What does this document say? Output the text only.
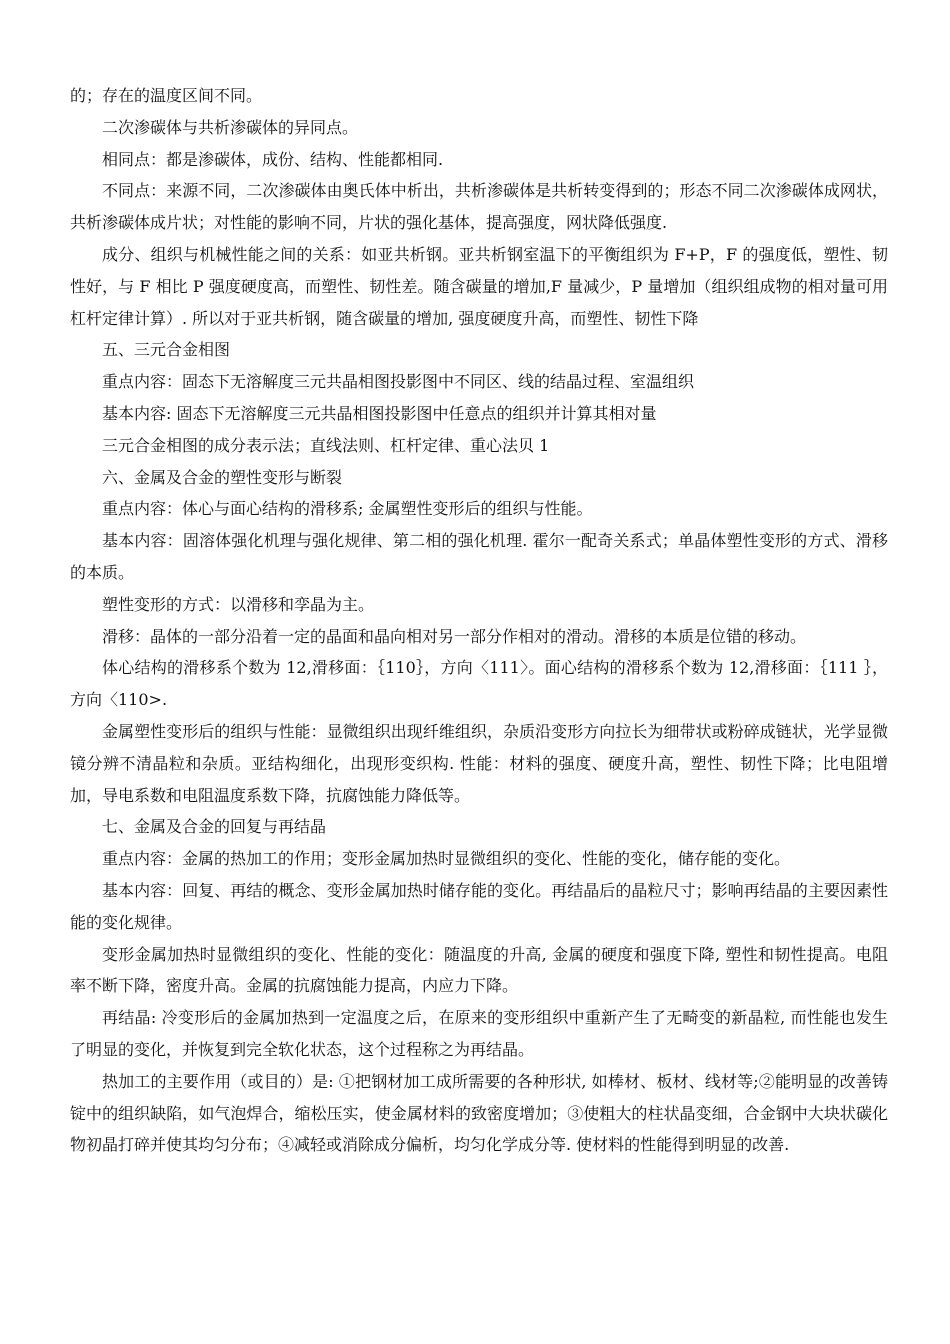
的；存在的温度区间不同。

二次渗碳体与共析渗碳体的异同点。

相同点：都是渗碳体，成份、结构、性能都相同.

不同点：来源不同，二次渗碳体由奥氏体中析出，共析渗碳体是共析转变得到的；形态不同二次渗碳体成网状，共析渗碳体成片状；对性能的影响不同，片状的强化基体，提高强度，网状降低强度.

成分、组织与机械性能之间的关系：如亚共析钢。亚共析钢室温下的平衡组织为 F+P，F 的强度低，塑性、韧性好，与 F 相比 P 强度硬度高，而塑性、韧性差。随含碳量的增加,F 量减少，P 量增加（组织组成物的相对量可用杠杆定律计算）. 所以对于亚共析钢，随含碳量的增加, 强度硬度升高，而塑性、韧性下降

五、三元合金相图

重点内容：固态下无溶解度三元共晶相图投影图中不同区、线的结晶过程、室温组织

基本内容: 固态下无溶解度三元共晶相图投影图中任意点的组织并计算其相对量

三元合金相图的成分表示法；直线法则、杠杆定律、重心法贝 1

六、金属及合金的塑性变形与断裂

重点内容：体心与面心结构的滑移系; 金属塑性变形后的组织与性能。

基本内容：固溶体强化机理与强化规律、第二相的强化机理. 霍尔一配奇关系式；单晶体塑性变形的方式、滑移的本质。

塑性变形的方式：以滑移和孪晶为主。

滑移：晶体的一部分沿着一定的晶面和晶向相对另一部分作相对的滑动。滑移的本质是位错的移动。

体心结构的滑移系个数为 12,滑移面：｛110｝，方向〈111〉。面心结构的滑移系个数为 12,滑移面：｛111 ｝，方向〈110>.

金属塑性变形后的组织与性能：显微组织出现纤维组织，杂质沿变形方向拉长为细带状或粉碎成链状，光学显微镜分辨不清晶粒和杂质。亚结构细化，出现形变织构. 性能：材料的强度、硬度升高，塑性、韧性下降；比电阻增加，导电系数和电阻温度系数下降，抗腐蚀能力降低等。

七、金属及合金的回复与再结晶

重点内容：金属的热加工的作用；变形金属加热时显微组织的变化、性能的变化，储存能的变化。

基本内容：回复、再结的概念、变形金属加热时储存能的变化。再结晶后的晶粒尺寸；影响再结晶的主要因素性能的变化规律。

变形金属加热时显微组织的变化、性能的变化：随温度的升高, 金属的硬度和强度下降, 塑性和韧性提高。电阻率不断下降，密度升高。金属的抗腐蚀能力提高，内应力下降。

再结晶: 冷变形后的金属加热到一定温度之后，在原来的变形组织中重新产生了无畸变的新晶粒, 而性能也发生了明显的变化，并恢复到完全软化状态，这个过程称之为再结晶。

热加工的主要作用（或目的）是: ①把钢材加工成所需要的各种形状, 如棒材、板材、线材等;②能明显的改善铸锭中的组织缺陷，如气泡焊合，缩松压实，使金属材料的致密度增加；③使粗大的柱状晶变细，合金钢中大块状碳化物初晶打碎并使其均匀分布；④减轻或消除成分偏析，均匀化学成分等. 使材料的性能得到明显的改善.
